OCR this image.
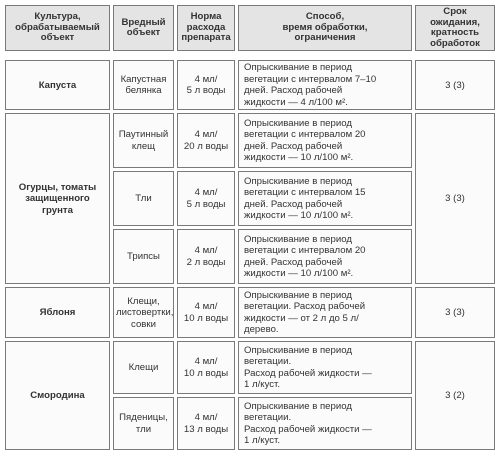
Культура,
обрабатываемый
объект	Вредный
объект	Норма
расхода
препарата	Способ,
время обработки,
ограничения	Срок
ожидания,
кратность
обработок

Капуста	Капустная
белянка	4 мл/
5 л воды	Опрыскивание в период
вегетации с интервалом 7–10
дней. Расход рабочей
жидкости — 4 л/100 м².	3 (3)

Огурцы, томаты
защищенного
грунта	Паутинный
клещ	4 мл/
20 л воды	Опрыскивание в период
вегетации с интервалом 20
дней. Расход рабочей
жидкости — 10 л/100 м².	3 (3)

	Тли	4 мл/
5 л воды	Опрыскивание в период
вегетации с интервалом 15
дней. Расход рабочей
жидкости — 10 л/100 м².	

	Трипсы	4 мл/
2 л воды	Опрыскивание в период
вегетации с интервалом 20
дней. Расход рабочей
жидкости — 10 л/100 м².	

Яблоня	Клещи,
листовертки,
совки	4 мл/
10 л воды	Опрыскивание в период
вегетации. Расход рабочей
жидкости — от 2 л до 5 л/
дерево.	3 (3)

Смородина	Клещи	4 мл/
10 л воды	Опрыскивание в период
вегетации.
Расход рабочей жидкости —
1 л/куст.	3 (2)

	Пяденицы,
тли	4 мл/
13 л воды	Опрыскивание в период
вегетации.
Расход рабочей жидкости —
1 л/куст.	
